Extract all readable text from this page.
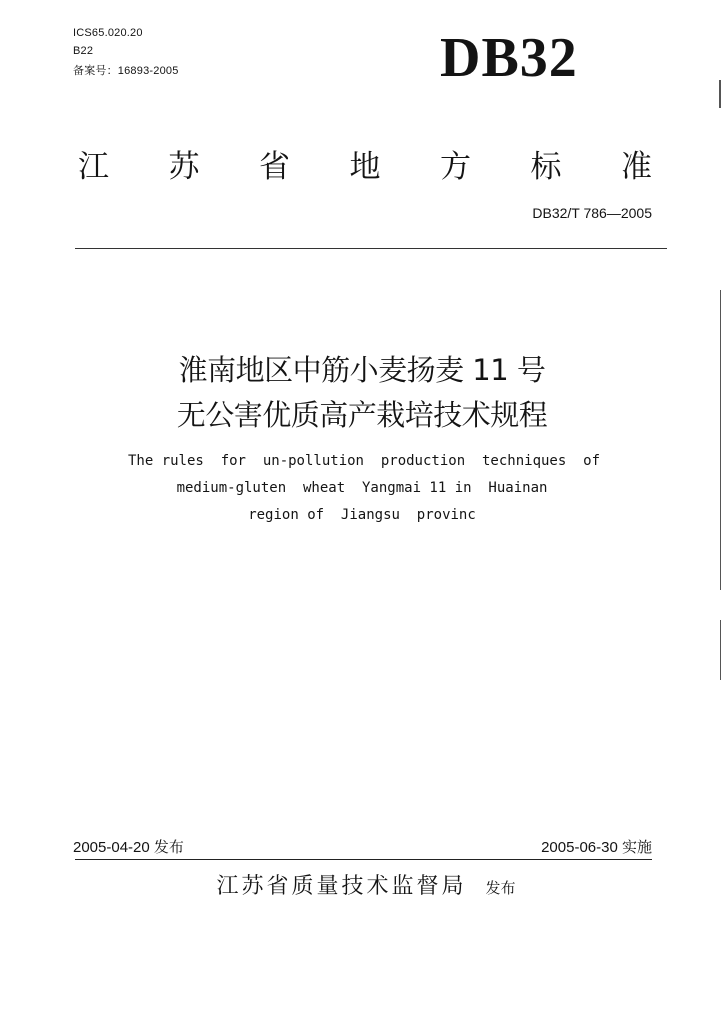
ICS65.020.20
B22
备案号：16893-2005	DB32
江 苏 省 地 方 标 准
DB32/T 786—2005
淮南地区中筋小麦扬麦 11 号
无公害优质高产栽培技术规程
The rules  for  un-pollution  production  techniques  of
medium-gluten  wheat  Yangmai 11 in  Huainan
region of  Jiangsu  provinc
2005-04-20 发布	2005-06-30 实施
江苏省质量技术监督局 发布
